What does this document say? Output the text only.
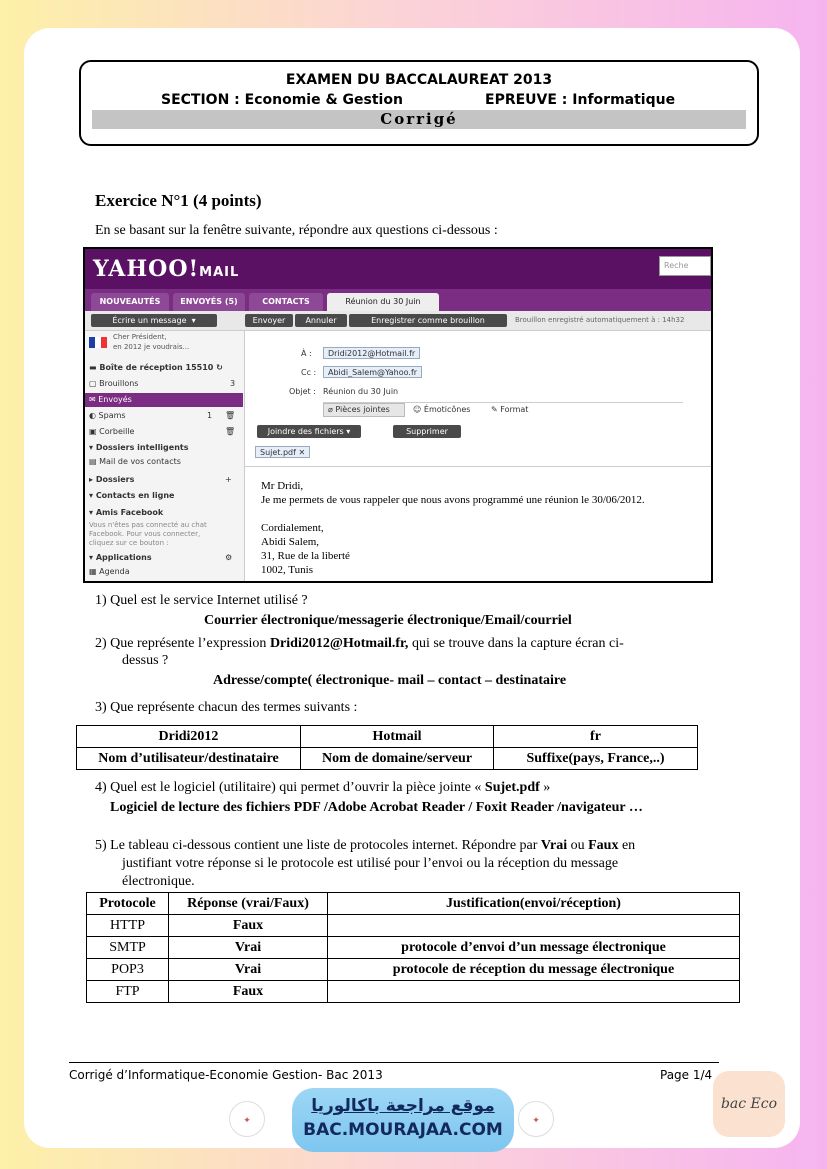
EXAMEN DU BACCALAUREAT 2013
SECTION : Economie & Gestion	EPREUVE : Informatique
Corrigé
Exercice N°1 (4 points)
En se basant sur la fenêtre suivante, répondre aux questions ci-dessous :
YAHOO!MAIL	Reche
NOUVEAUTÉS	ENVOYÉS (5)	CONTACTS	Réunion du 30 Juin
Écrire un message  ▾	Envoyer	Annuler	Enregistrer comme brouillon	Brouillon enregistré automatiquement à : 14h32
Cher Président,
en 2012 je voudrais...
▬ Boîte de réception 15510 ↻
▢ Brouillons	3
✉ Envoyés
◐ Spams	1 🗑
▣ Corbeille	🗑
▾ Dossiers intelligents
▤ Mail de vos contacts
▸ Dossiers	+
▾ Contacts en ligne
▾ Amis Facebook
Vous n'êtes pas connecté au chat
Facebook. Pour vous connecter,
cliquez sur ce bouton :
▾ Applications	⚙
▦ Agenda
À :	Dridi2012@Hotmail.fr
Cc :	Abidi_Salem@Yahoo.fr
Objet : Réunion du 30 Juin
⌀ Pièces jointes	☺ Émoticônes	✎ Format
Joindre des fichiers ▾	Supprimer
Sujet.pdf ✕
Mr Dridi,
Je me permets de vous rappeler que nous avons programmé une réunion le 30/06/2012.
Cordialement,
Abidi Salem,
31, Rue de la liberté
1002, Tunis
1) Quel est le service Internet utilisé ?
Courrier électronique/messagerie électronique/Email/courriel
2) Que représente l’expression Dridi2012@Hotmail.fr, qui se trouve dans la capture écran ci-
dessus ?
Adresse/compte( électronique- mail – contact – destinataire
3) Que représente chacun des termes suivants :
Dridi2012	Hotmail	fr
Nom d’utilisateur/destinataire	Nom de domaine/serveur	Suffixe(pays, France,..)
4) Quel est le logiciel (utilitaire) qui permet d’ouvrir la pièce jointe « Sujet.pdf »
Logiciel de lecture des fichiers PDF /Adobe Acrobat Reader / Foxit Reader /navigateur …
5) Le tableau ci-dessous contient une liste de protocoles internet. Répondre par Vrai ou Faux en
justifiant votre réponse si le protocole est utilisé pour l’envoi ou la réception du message
électronique.
Protocole	Réponse (vrai/Faux)	Justification(envoi/réception)
HTTP	Faux	
SMTP	Vrai	protocole d’envoi d’un message électronique
POP3	Vrai	protocole de réception du message électronique
FTP	Faux	
Corrigé d’Informatique-Economie Gestion- Bac 2013	Page 1/4
✦
موقع مراجعة باكالوريا
BAC.MOURAJAA.COM	✦
bac Eco
